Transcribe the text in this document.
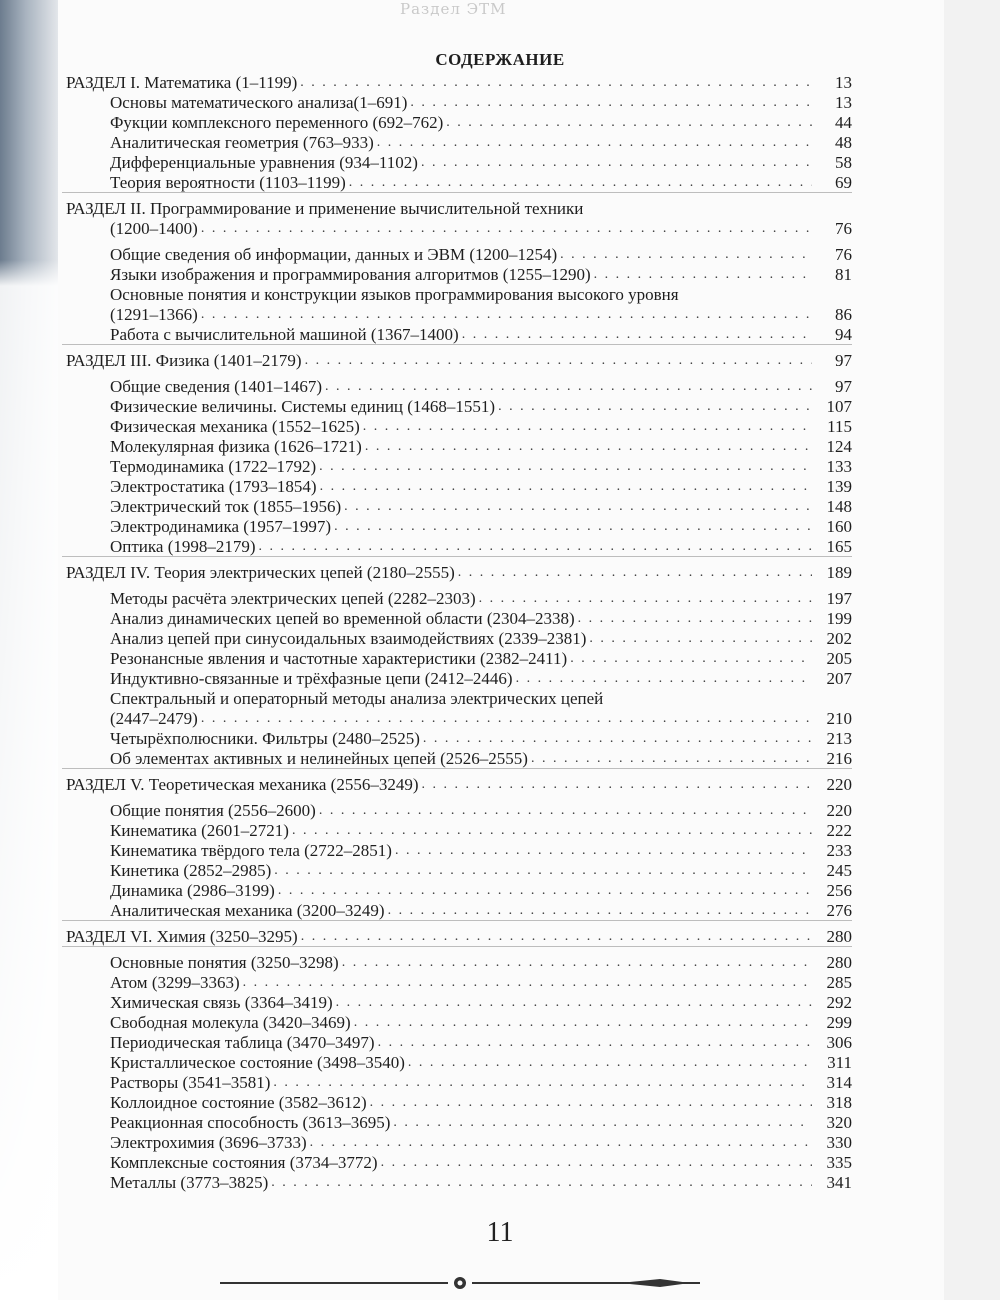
Раздел ЭТМ
СОДЕРЖАНИЕ
РАЗДЕЛ I. Математика (1–1199) . . .	13
Основы математического анализа(1–691) . . .	13
Фукции комплексного переменного (692–762) . . .	44
Аналитическая геометрия (763–933) . . .	48
Дифференциальные уравнения (934–1102) . . .	58
Теория вероятности (1103–1199) . . .	69
РАЗДЕЛ II. Программирование и применение вычислительной техники
(1200–1400) . . .	76
Общие сведения об информации, данных и ЭВМ (1200–1254) . . .	76
Языки изображения и программирования алгоритмов (1255–1290) . . .	81
Основные понятия и конструкции языков программирования высокого уровня
(1291–1366) . . .	86
Работа с вычислительной машиной (1367–1400) . . .	94
РАЗДЕЛ III. Физика (1401–2179) . . .	97
Общие сведения (1401–1467) . . .	97
Физические величины. Системы единиц (1468–1551) . . .	107
Физическая механика (1552–1625) . . .	115
Молекулярная физика (1626–1721) . . .	124
Термодинамика (1722–1792) . . .	133
Электростатика (1793–1854) . . .	139
Электрический ток (1855–1956) . . .	148
Электродинамика (1957–1997) . . .	160
Оптика (1998–2179) . . .	165
РАЗДЕЛ IV. Теория электрических цепей (2180–2555) . . .	189
Методы расчёта электрических цепей (2282–2303) . . .	197
Анализ динамических цепей во временной области (2304–2338) . . .	199
Анализ цепей при синусоидальных взаимодействиях (2339–2381) . . .	202
Резонансные явления и частотные характеристики (2382–2411) . . .	205
Индуктивно-связанные и трёхфазные цепи (2412–2446) . . .	207
Спектральный и операторный методы анализа электрических цепей
(2447–2479) . . .	210
Четырёхполюсники. Фильтры (2480–2525) . . .	213
Об элементах активных и нелинейных цепей (2526–2555) . . .	216
РАЗДЕЛ V. Теоретическая механика (2556–3249) . . .	220
Общие понятия (2556–2600) . . .	220
Кинематика (2601–2721) . . .	222
Кинематика твёрдого тела (2722–2851) . . .	233
Кинетика (2852–2985) . . .	245
Динамика (2986–3199) . . .	256
Аналитическая механика (3200–3249) . . .	276
РАЗДЕЛ VI. Химия (3250–3295) . . .	280
Основные понятия (3250–3298) . . .	280
Атом (3299–3363) . . .	285
Химическая связь (3364–3419) . . .	292
Свободная молекула (3420–3469) . . .	299
Периодическая таблица (3470–3497) . . .	306
Кристаллическое состояние (3498–3540) . . .	311
Растворы (3541–3581) . . .	314
Коллоидное состояние (3582–3612) . . .	318
Реакционная способность (3613–3695) . . .	320
Электрохимия (3696–3733) . . .	330
Комплексные состояния (3734–3772) . . .	335
Металлы (3773–3825) . . .	341
11
